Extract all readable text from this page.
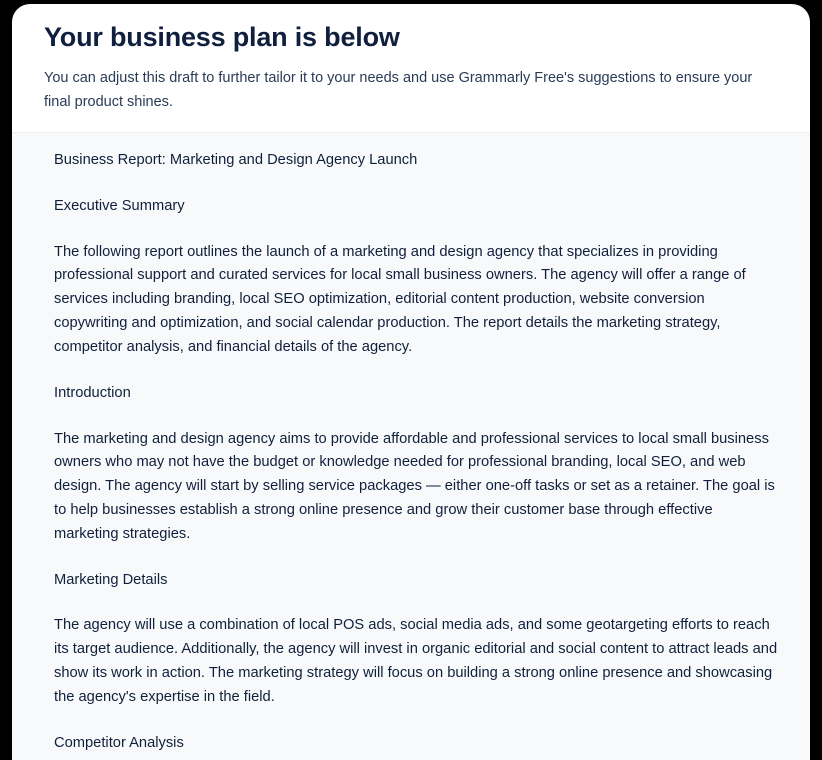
Your business plan is below

You can adjust this draft to further tailor it to your needs and use Grammarly Free's suggestions to ensure your final product shines.

Business Report: Marketing and Design Agency Launch

Executive Summary

The following report outlines the launch of a marketing and design agency that specializes in providing professional support and curated services for local small business owners. The agency will offer a range of services including branding, local SEO optimization, editorial content production, website conversion copywriting and optimization, and social calendar production. The report details the marketing strategy, competitor analysis, and financial details of the agency.

Introduction

The marketing and design agency aims to provide affordable and professional services to local small business owners who may not have the budget or knowledge needed for professional branding, local SEO, and web design. The agency will start by selling service packages — either one-off tasks or set as a retainer. The goal is to help businesses establish a strong online presence and grow their customer base through effective marketing strategies.

Marketing Details

The agency will use a combination of local POS ads, social media ads, and some geotargeting efforts to reach its target audience. Additionally, the agency will invest in organic editorial and social content to attract leads and show its work in action. The marketing strategy will focus on building a strong online presence and showcasing the agency's expertise in the field.

Competitor Analysis
